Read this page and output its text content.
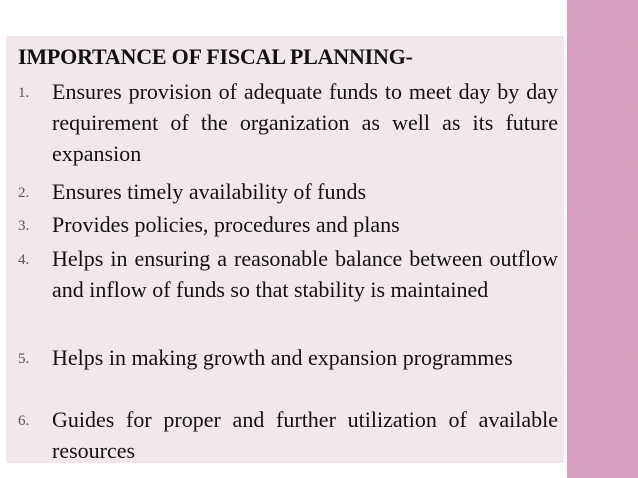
IMPORTANCE OF FISCAL PLANNING-
1.	Ensures provision of adequate funds to meet day by day requirement of the organization as well as its future expansion
2.	Ensures timely availability of funds
3.	Provides policies, procedures and plans
4.	Helps in ensuring a reasonable balance between outflow and inflow of funds so that stability is maintained
5.	Helps in making growth and expansion programmes
6.	Guides for proper and further utilization of available resources
